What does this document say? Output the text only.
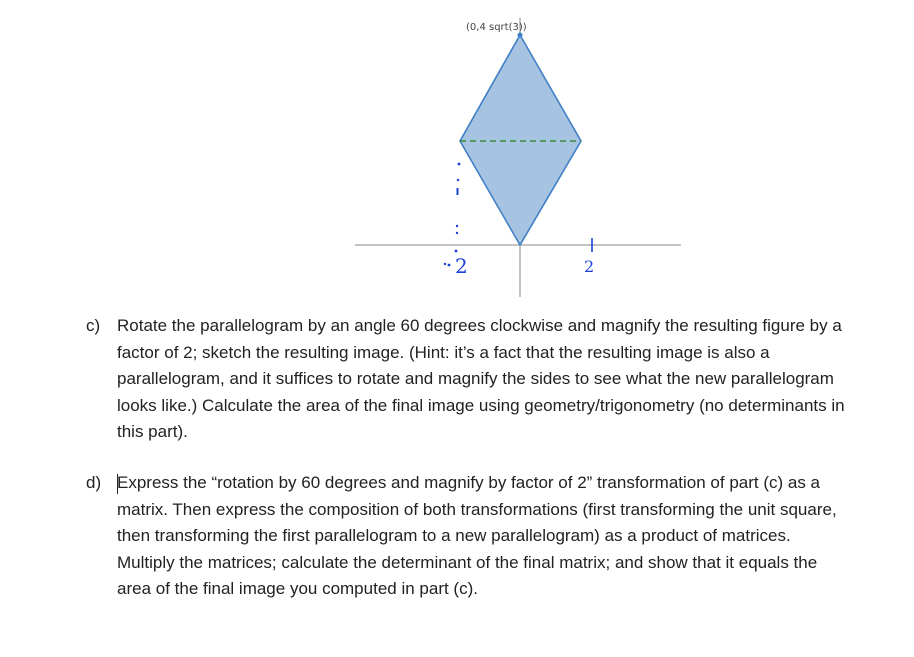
(0,4 sqrt(3))
2	2
c) Rotate the parallelogram by an angle 60 degrees clockwise and magnify the resulting figure by a factor of 2; sketch the resulting image. (Hint: it’s a fact that the resulting image is also a parallelogram, and it suffices to rotate and magnify the sides to see what the new parallelogram looks like.) Calculate the area of the final image using geometry/trigonometry (no determinants in this part).
d) Express the “rotation by 60 degrees and magnify by factor of 2” transformation of part (c) as a matrix. Then express the composition of both transformations (first transforming the unit square, then transforming the first parallelogram to a new parallelogram) as a product of matrices. Multiply the matrices; calculate the determinant of the final matrix; and show that it equals the area of the final image you computed in part (c).
